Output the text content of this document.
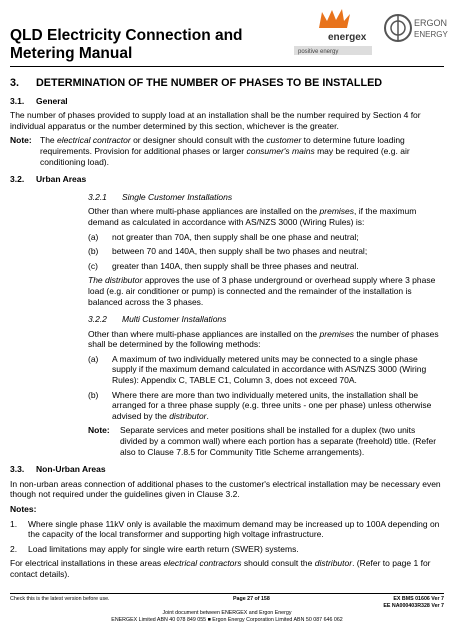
QLD Electricity Connection and
Metering Manual
energex
positive energy
ERGON
ENERGY
3.	DETERMINATION OF THE NUMBER OF PHASES TO BE INSTALLED
3.1.	General

The number of phases provided to supply load at an installation shall be the number required by Section 4 for individual apparatus or the number determined by this section, whichever is the greater.

Note: The electrical contractor or designer should consult with the customer to determine future loading requirements. Provision for additional phases or larger consumer's mains may be required (e.g. air conditioning load).
3.2.	Urban Areas
3.2.1	Single Customer Installations

Other than where multi-phase appliances are installed on the premises, if the maximum demand as calculated in accordance with AS/NZS 3000 (Wiring Rules) is:

(a)	not greater than 70A, then supply shall be one phase and neutral;
(b)	between 70 and 140A, then supply shall be two phases and neutral;
(c)	greater than 140A, then supply shall be three phases and neutral.

The distributor approves the use of 3 phase underground or overhead supply where 3 phase load (e.g. air conditioner or pump) is connected and the remainder of the installation is balanced across the 3 phases.

3.2.2	Multi Customer Installations

Other than where multi-phase appliances are installed on the premises the number of phases shall be determined by the following methods:

(a)	A maximum of two individually metered units may be connected to a single phase supply if the maximum demand calculated in accordance with AS/NZS 3000 (Wiring Rules): Appendix C, TABLE C1, Column 3, does not exceed 70A.
(b)	Where there are more than two individually metered units, the installation shall be arranged for a three phase supply (e.g. three units - one per phase) unless otherwise advised by the distributor.
Note:	Separate services and meter positions shall be installed for a duplex (two units divided by a common wall) where each portion has a separate (freehold) title. (Refer also to Clause 7.8.5 for Community Title Scheme arrangements).
3.3.	Non-Urban Areas

In non-urban areas connection of additional phases to the customer's electrical installation may be necessary even though not required under the guidelines given in Clause 3.2.

Notes:
1.	Where single phase 11kV only is available the maximum demand may be increased up to 100A depending on the capacity of the local transformer and supporting high voltage infrastructure.
2.	Load limitations may apply for single wire earth return (SWER) systems.

For electrical installations in these areas electrical contractors should consult the distributor. (Refer to page 1 for contact details).

Check this is the latest version before use.	Page 27 of 158	EX BMS 01606 Ver 7
EE NA000403R328 Ver 7
Joint document between ENERGEX and Ergon Energy
ENERGEX Limited ABN 40 078 849 055 ■ Ergon Energy Corporation Limited ABN 50 087 646 062
